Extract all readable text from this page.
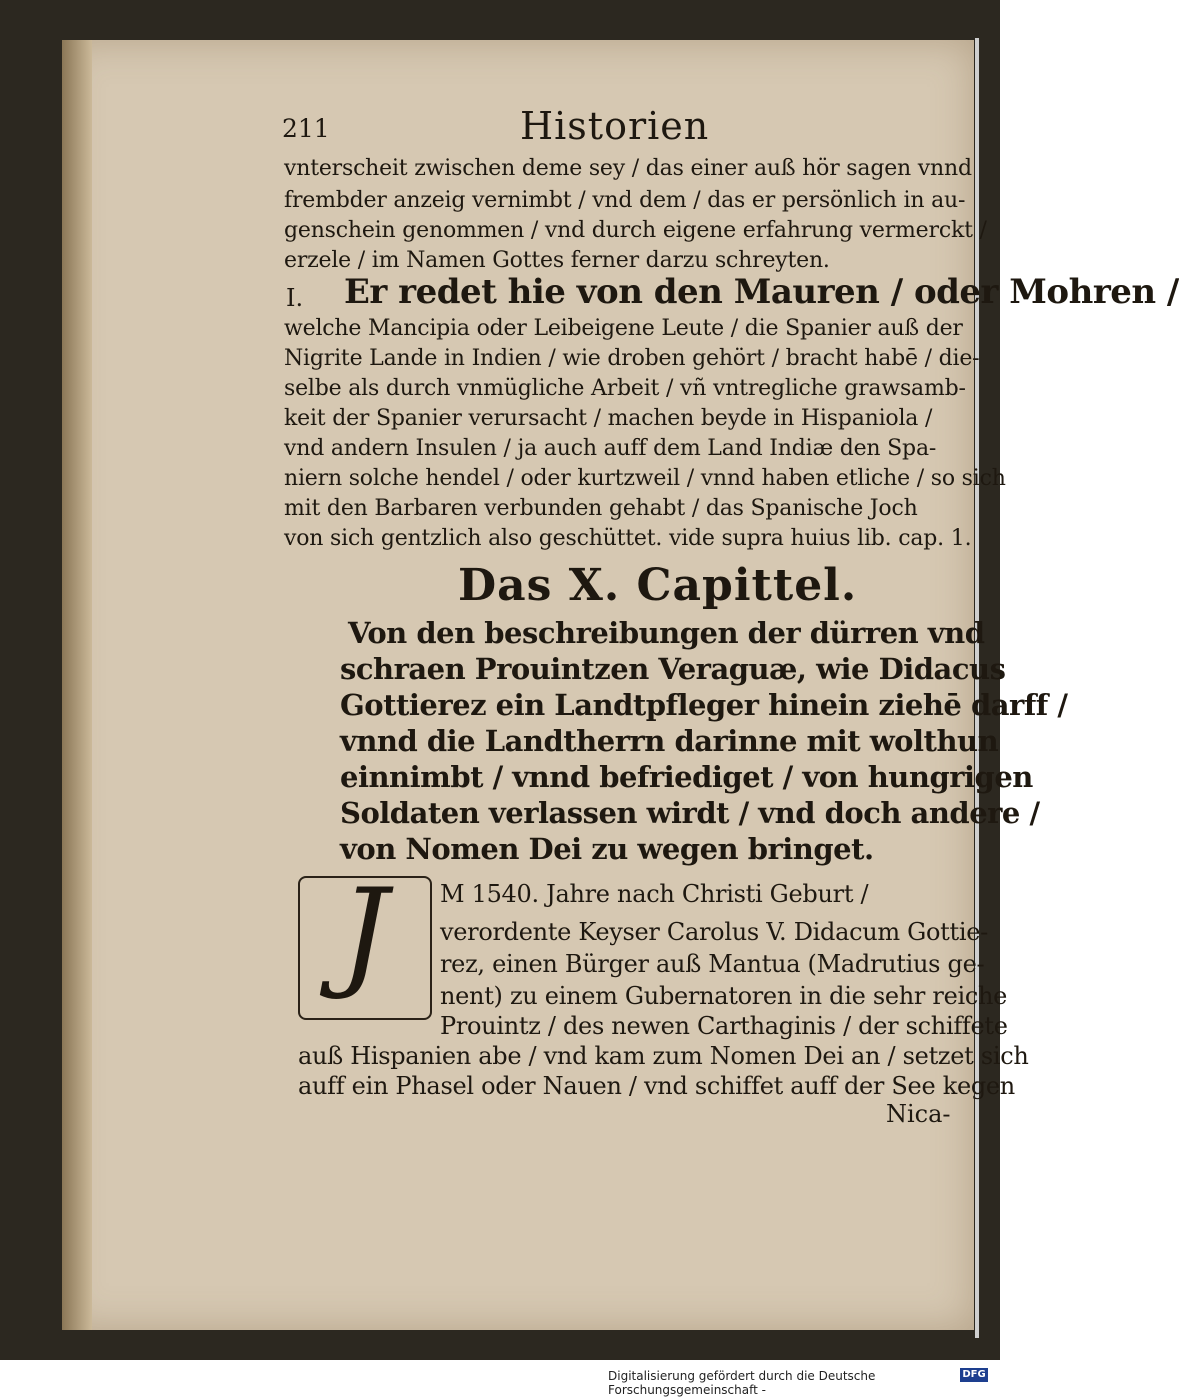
211	Historien
vnterscheit zwischen deme sey / das einer auß hör sagen vnnd
frembder anzeig vernimbt / vnd dem / das er persönlich in au-
genschein genommen / vnd durch eigene erfahrung vermerckt /
erzele / im Namen Gottes ferner darzu schreyten.
I. Er redet hie von den Mauren / oder Mohren /
welche Mancipia oder Leibeigene Leute / die Spanier auß der
Nigrite Lande in Indien / wie droben gehört / bracht habē / die-
selbe als durch vnmügliche Arbeit / vñ vntregliche grawsamb-
keit der Spanier verursacht / machen beyde in Hispaniola /
vnd andern Insulen / ja auch auff dem Land Indiæ den Spa-
niern solche hendel / oder kurtzweil / vnnd haben etliche / so sich
mit den Barbaren verbunden gehabt / das Spanische Joch
von sich gentzlich also geschüttet. vide supra huius lib. cap. 1.
Das X. Capittel.
Von den beschreibungen der dürren vnd
schraen Prouintzen Veraguæ, wie Didacus
Gottierez ein Landtpfleger hinein ziehē darff /
vnnd die Landtherrn darinne mit wolthun
einnimbt / vnnd befriediget / von hungrigen
Soldaten verlassen wirdt / vnd doch andere /
von Nomen Dei zu wegen bringet.
J M 1540. Jahre nach Christi Geburt /
verordente Keyser Carolus V. Didacum Gottie-
rez, einen Bürger auß Mantua (Madrutius ge-
nent) zu einem Gubernatoren in die sehr reiche
Prouintz / des newen Carthaginis / der schiffete
auß Hispanien abe / vnd kam zum Nomen Dei an / setzet sich
auff ein Phasel oder Nauen / vnd schiffet auff der See kegen
Nica-
Digitalisierung gefördert durch die Deutsche Forschungsgemeinschaft -
DFG
